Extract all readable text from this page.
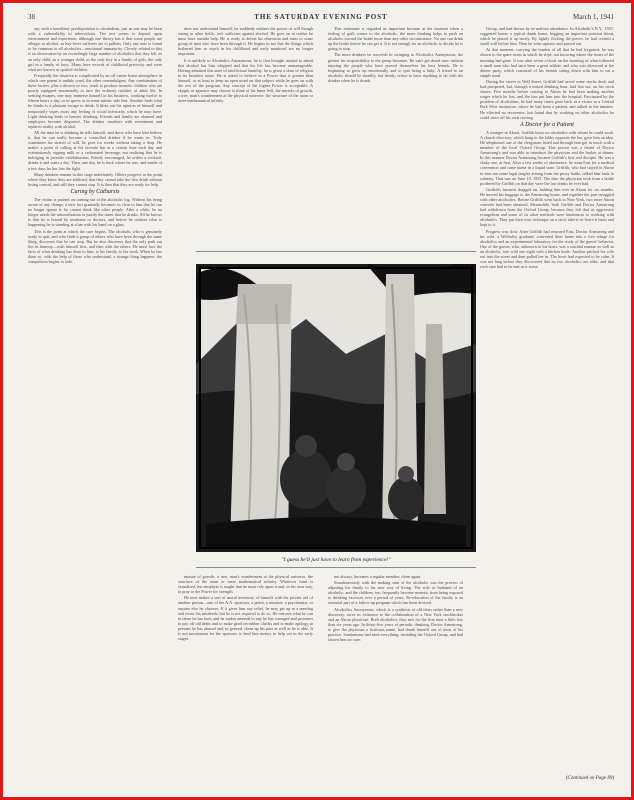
38	THE SATURDAY EVENING POST	March 1, 1941

ary, with a hereditary predisposition to alcoholism, just as one may be born with a vulnerability to tuberculosis. The rest seems to depend upon environment and experience, although one theory has it that some people are allergic to alcohol, as hay-fever sufferers are to pollens. Only one note is found to be common to all alcoholics—emotional immaturity. Closely related to this is an observation by an exceedingly large number of alcoholics that they felt, as an only child, as a younger child, as the only boy in a family of girls, the only girl in a family of boys. Many have records of childhood precocity and were what are known as spoiled children.

Frequently the situation is complicated by an off-center home atmosphere in which one parent is unduly cruel, the other overindulgent. Any combination of these factors, plus a divorce or two, tends to produce neurotic children who are poorly equipped emotionally to face the ordinary realities of adult life. In seeking escapes, one may immerse himself in his business, working twelve to fifteen hours a day, or in sports or in some artistic side line. Another finds what he thinks is a pleasant escape in drink. It blots out his opinion of himself and temporarily wipes away any feeling of social inferiority which he may have. Light drinking leads to heavier drinking. Friends and family are alarmed and employers become disgusted. The drinker smothers with resentment and replaces reality with alcohol.

All the time he is drinking he tells himself, and those who have him believe it, that he can really become a controlled drinker if he wants to. Truly sometimes for stretch of will, he goes for weeks without taking a drop. He makes a point of calling at his favorite bar at a certain time each day and ostentatiously sipping milk or a carbonated beverage, not realizing that he is indulging in juvenile exhibitionism. Falsely encouraged, he orders a cocktail, drinks it and waits a day. Then, one day, he is back where he was, and inside of a few days he has lost the fight.

Many drinkers remain in this stage indefinitely. Others progress to the point where they know they are addicted, that they cannot take the first drink without losing control, and still they cannot stop. It is then that they are ready for help.

Curing by Catharsis

The victim is pushed on coming out of the alcoholic fog. Without his being aware of any change, a new fact gradually becomes so clear to him that he can no longer ignore it: he cannot drink like other people. After a while, he no longer needs the rationalization to justify the times that he drinks. All he knows is that he is bound by treatment or doctors, and before he realizes what is happening he is standing at a bar with his hand on a glass.

This is the point at which the cure begins. The alcoholic who is genuinely ready to quit, and who finds a group of others who have been through the same thing, discovers that he can stop. But he also discovers that the only path out lies in honesty—with himself first, and then with the others. He must face the facts of what drinking has done to him, to his family, to his work. When he has done so, with the help of those who understand, a strange thing happens: the compulsion begins to fade.

does not understand himself, he suddenly realizes the power of will though strong in other fields, isn't sufficient against alcohol. He goes on to realize he must have outside help. He is ready to defeat his obsession and turns to some group of men who have been through it. He begins to see that the things which bothered him so much in his childhood and early manhood are no longer important.

It is unlikely to Alcoholics Anonymous, he is first brought around to admit that alcohol has him whipped and that his life has become unmanageable. Having admitted this state of intellectual humility, he is given a dose of religion in its broadest sense. He is asked to believe in a Power that is greater than himself, or at least to keep an open mind on that subject while he goes on with the rest of the program. Any concept of the higher Power is acceptable. A skeptic or agnostic may choose to think of his Inner Self, the miracle of growth, a tree, man's wonderment at the physical universe, the structure of the atom or mere mathematical infinity.

This nickname is regarded as important because at the moment when a feeling of guilt comes to the alcoholic, the mere thinking helps to push an alcoholic toward the bottle more than any other circumstance. No one can drink up the bottle before he can get it. It is not enough for an alcoholic to decide he is going to stop.

The more drinkers he succeeds in swinging to Alcoholics Anonymous, the greater his responsibility to the group becomes. He can't get drunk now without injuring the people who have proved themselves his best friends. He is beginning to grow up emotionally and to quit being a baby. A friend to an alcoholic should be steadily, but firmly, refuse to have anything to do with the drinker when he is drunk.

"I guess he'll just have to learn from experience!"

minute of growth, a tree, man's wonderment at the physical universe, the structure of the atom or mere mathematical infinity. Whatever form is visualized, the neophyte is taught that he must rely upon it and, in his own way, to pray to the Power for strength.

He next makes a sort of moral inventory of himself with the private aid of another person—one of the A.A. sponsors, a priest, a minister, a psychiatrist, or anyone else he chooses. If it gives him any relief, he may get up at a meeting and recite his misdeeds, but he is not required to do so. He restores what he can to those he has hurt, and he makes amends to any he has wronged and promises to pay off old debts and to make good on rubber checks and to make apology to persons he has abused and, in general, clean up his past as well as he is able. It is not uncommon for the sponsors to lend him money to help out in the early stages.

not always, becomes a regular member, clean again.

Simultaneously with the making start of the alcoholic was the process of adjusting his family to his new way of living. The wife or husband of an alcoholic, and the children, too, frequently become neurotic from being exposed to drinking excesses over a period of years. Re-education of the family is an essential part of a follow-up program which has been devised.

Alcoholics Anonymous, which is a synthesis of old ideas rather than a new discovery, owes its existence to the collaboration of a New York stockbroker and an Akron physician. Both alcoholics, they met for the first time a little less than six years ago. In thirty-five years of periodic drinking, Doctor Armstrong, to give the physician a fictitious name, had drunk himself out of most of his practice. Sanitariums had tried everything, including the Oxford Group, and had shown him no cure.

Group, and had shown by in-and-out attendance. In Alcoholic's N.Y., 1937, suggested home, a typical drunk home, begging an important position about, which he placed it up nicely. By lightly flicking the pieces, he had created a small wall before him. Then he went upstairs and passed out.

At that moment, carrying the burden of all that he had forgotten, he was shown to the spare room in which he slept, not knowing where the hours of the morning had gone. It was after seven o'clock on the morning of what followed a small man who had once been a great athlete, and who was afterward at the dinner party, which consisted of his friends sitting down with him to eat a simple meal.

During the career in Well Street, Griffith had saved some stocks deals and had prospered, but, through a mixed drinking bout, had lost out, on his stock shares. Five months before coming to Akron he had been making another wager which he lost, and the loss put him into the hospital. Fascinated by the problem of alcoholism, he had many times gone back as a visitor to a Central Park West institution, where he had been a patient, and talked to the inmates. He effected no recoveries, but found that by working on other alcoholics he could stave off his own craving.

A Doctor for a Patient

A stranger in Akron, Griffith knew no alcoholics with whom he could work. A church directory, which hung in the lobby opposite the bar, gave him an idea. He telephoned one of the clergymen listed and through him got in touch with a member of the local Oxford Group. This person was a friend of Doctor Armstrong's and was able to introduce the physician and the broker at dinner. In this manner Doctor Armstrong became Griffith's first real disciple. He was a shaky one, at first. After a few weeks of abstinence, he went East for a medical convention and came home in a liquid state. Griffith, who had stayed in Akron to iron out some legal tangles arising from the proxy battle, talked him back to sobriety. That was on June 10, 1935. The date the physician took from a bottle proffered by Griffith on that day were the last drinks he ever had.

Griffith's lawsuits dragged on, holding him over in Akron for six months. He moved his baggage to the Armstrong home, and together the pair struggled with other alcoholics. Before Griffith went back to New York, two more Akron converts had been obtained. Meanwhile, both Griffith and Doctor Armstrong had withdrawn from the Oxford Group, because they felt that its aggressive evangelism and some of its other methods were hindrances to working with alcoholics. They put their own technique on a strict take-it-or-leave-it basis and kept to it.

Progress was slow. After Griffith had returned East, Doctor Armstrong and his wife, a Wellesley graduate, converted their home into a free refuge for alcoholics and an experimental laboratory for the study of the guests' behavior. One of the guests, who, unknown to his hosts, was a suicidal maniac as well as an alcoholic, tore wild one night with a kitchen knife. Another pitched his wife out into the street and then pulled her in. The hosts had expected to be calm. It was not long before they discovered that no two alcoholics are alike, and that each case had to be met as it arose.

(Continued on Page 89)
